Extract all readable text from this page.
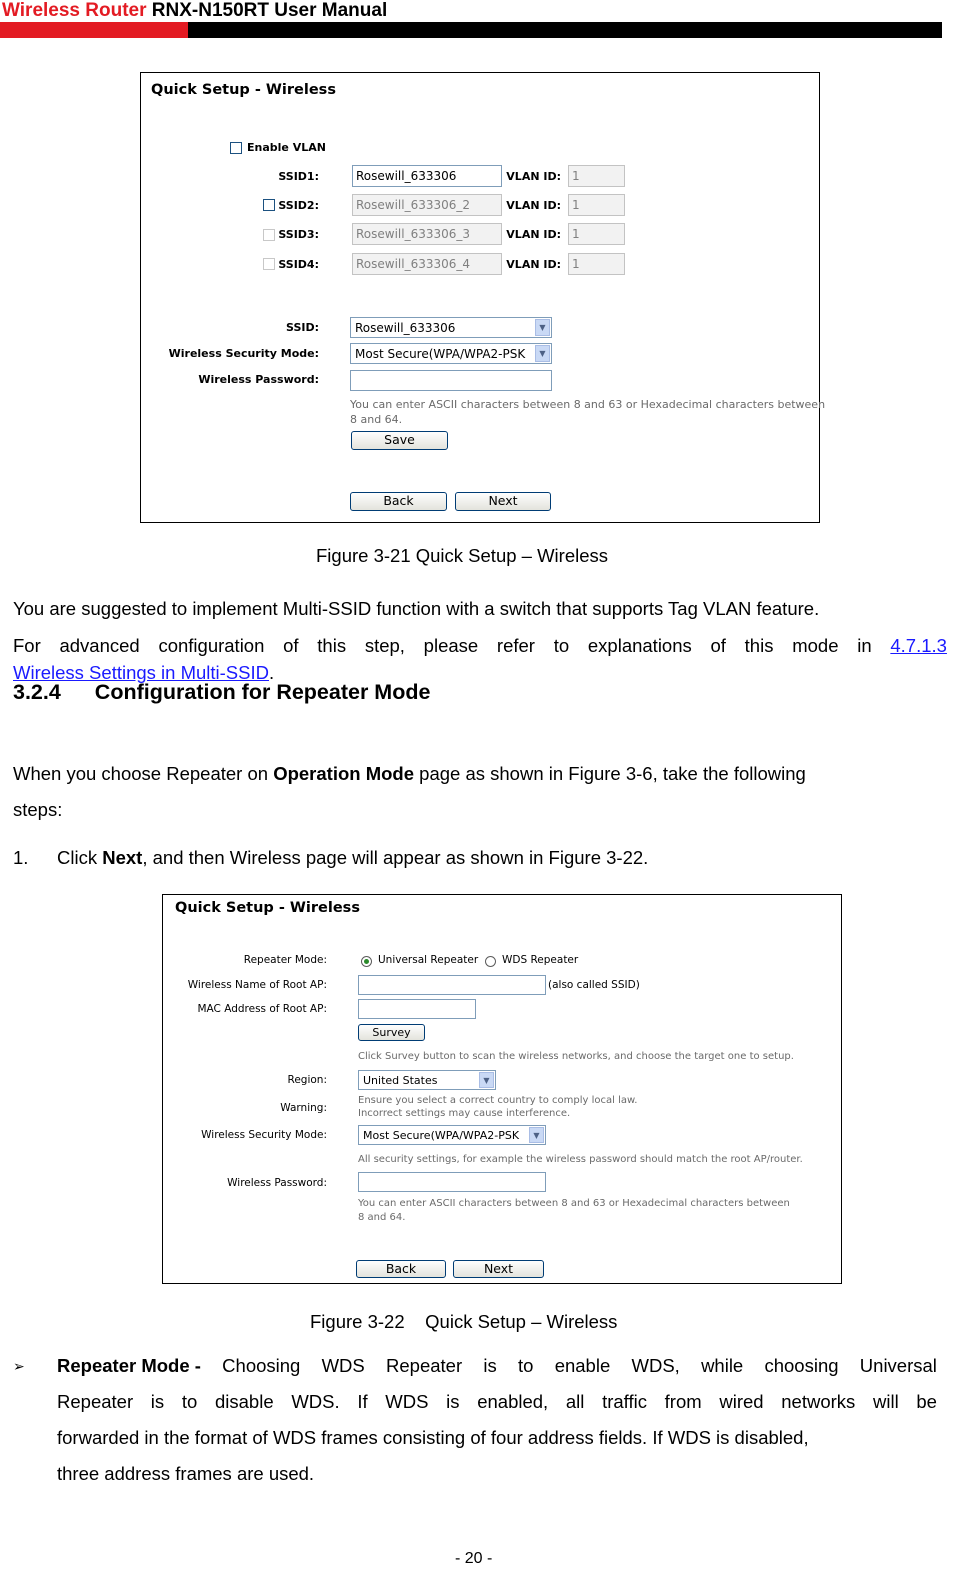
Wireless Router RNX-N150RT User Manual
Quick Setup - Wireless
Enable VLAN
SSID1:	Rosewill_633306	VLAN ID: 1
SSID2:	Rosewill_633306_2	VLAN ID: 1
SSID3:	Rosewill_633306_3	VLAN ID: 1
SSID4:	Rosewill_633306_4	VLAN ID: 1
SSID:	Rosewill_633306	▼
Wireless Security Mode:	Most Secure(WPA/WPA2-PSK	▼
Wireless Password:
You can enter ASCII characters between 8 and 63 or Hexadecimal characters between
8 and 64.
Save
Back	Next
Figure 3-21 Quick Setup – Wireless
You are suggested to implement Multi-SSID function with a switch that supports Tag VLAN feature.
For advanced configuration of this step, please refer to explanations of this mode in 4.7.1.3
Wireless Settings in Multi-SSID.
3.2.4 Configuration for Repeater Mode
When you choose Repeater on Operation Mode page as shown in Figure 3-6, take the following
steps:
1. Click Next, and then Wireless page will appear as shown in Figure 3-22.
Quick Setup - Wireless
Repeater Mode:	Universal Repeater WDS Repeater
Wireless Name of Root AP:	(also called SSID)
MAC Address of Root AP:
Survey
Click Survey button to scan the wireless networks, and choose the target one to setup.
Region:	United States	▼
Warning:
Ensure you select a correct country to comply local law.
Incorrect settings may cause interference.
Wireless Security Mode:	Most Secure(WPA/WPA2-PSK	▼
All security settings, for example the wireless password should match the root AP/router.
Wireless Password:
You can enter ASCII characters between 8 and 63 or Hexadecimal characters between
8 and 64.
Back	Next
Figure 3-22    Quick Setup – Wireless
➢ Repeater Mode - Choosing WDS Repeater is to enable WDS, while choosing Universal
Repeater is to disable WDS. If WDS is enabled, all traffic from wired networks will be
forwarded in the format of WDS frames consisting of four address fields. If WDS is disabled,
three address frames are used.
- 20 -
